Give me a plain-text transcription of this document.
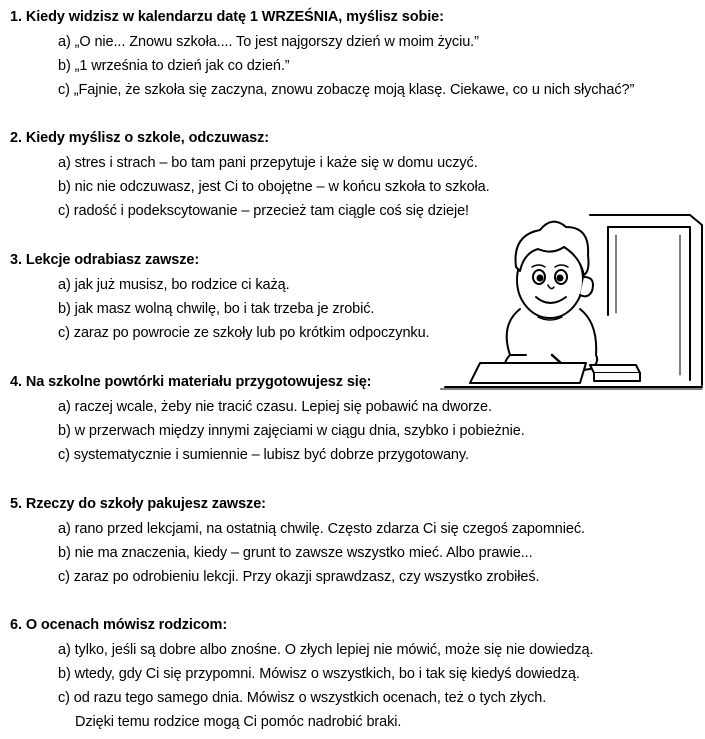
1. Kiedy widzisz w kalendarzu datę 1 WRZEŚNIA, myślisz sobie:
a) „O nie... Znowu szkoła.... To jest najgorszy dzień w moim życiu.”
b) „1 września to dzień jak co dzień.”
c) „Fajnie, że szkoła się zaczyna, znowu zobaczę moją klasę. Ciekawe, co u nich słychać?”
2. Kiedy myślisz o szkole, odczuwasz:
a) stres i strach – bo tam pani przepytuje i każe się w domu uczyć.
b) nic nie odczuwasz, jest Ci to obojętne – w końcu szkoła to szkoła.
c) radość i podekscytowanie – przecież tam ciągle coś się dzieje!
3. Lekcje odrabiasz zawsze:
a) jak już musisz, bo rodzice ci każą.
b) jak masz wolną chwilę, bo i tak trzeba je zrobić.
c) zaraz po powrocie ze szkoły lub po krótkim odpoczynku.
4. Na szkolne powtórki materiału przygotowujesz się:
a) raczej wcale, żeby nie tracić czasu. Lepiej się pobawić na dworze.
b) w przerwach między innymi zajęciami w ciągu dnia, szybko i pobieżnie.
c) systematycznie i sumiennie – lubisz być dobrze przygotowany.
5. Rzeczy do szkoły pakujesz zawsze:
a) rano przed lekcjami, na ostatnią chwilę. Często zdarza Ci się czegoś zapomnieć.
b) nie ma znaczenia, kiedy – grunt to zawsze wszystko mieć. Albo prawie...
c) zaraz po odrobieniu lekcji. Przy okazji sprawdzasz, czy wszystko zrobiłeś.
6. O ocenach mówisz rodzicom:
a) tylko, jeśli są dobre albo znośne. O złych lepiej nie mówić, może się nie dowiedzą.
b) wtedy, gdy Ci się przypomni. Mówisz o wszystkich, bo i tak się kiedyś dowiedzą.
c) od razu tego samego dnia. Mówisz o wszystkich ocenach, też o tych złych.
Dzięki temu rodzice mogą Ci pomóc nadrobić braki.
